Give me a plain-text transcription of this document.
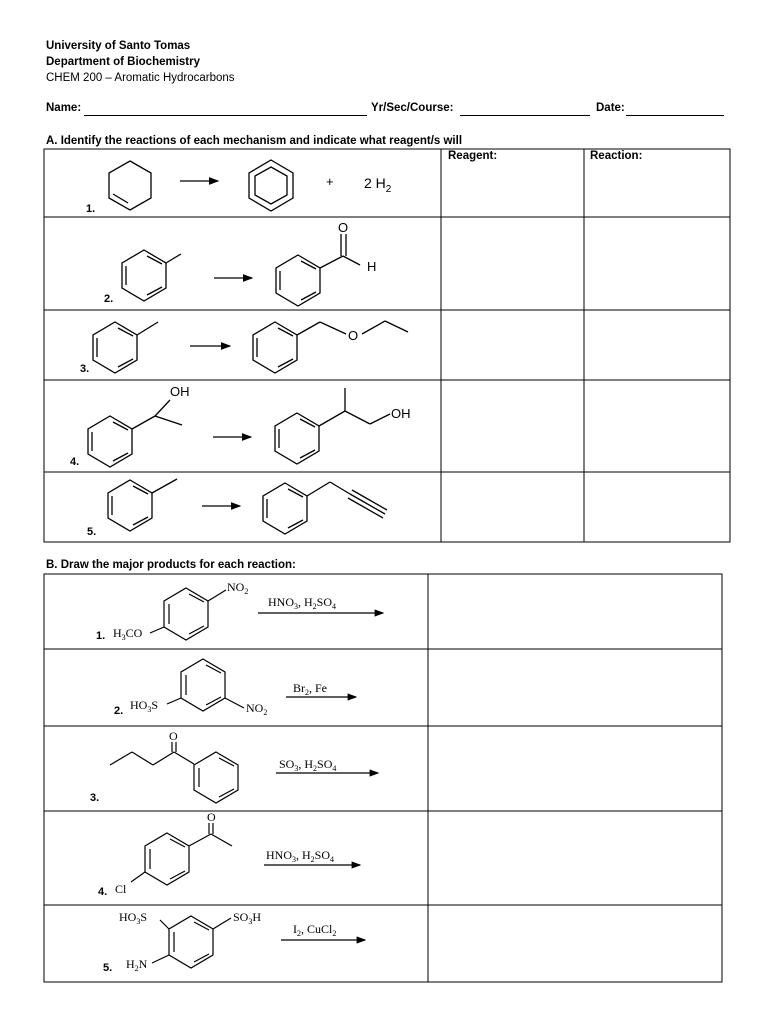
University of Santo Tomas
Department of Biochemistry
CHEM 200 – Aromatic Hydrocarbons
Name:	Yr/Sec/Course:	Date:
A. Identify the reactions of each mechanism and indicate what reagent/s will
Reagent:	Reaction:
B. Draw the major products for each reaction:
+ 2 $H_2$
1.
O
H
2.
O
3.
OH
OH
4.
5.
$NO_2$
$H_3CO$
$HNO_3$, $H_2SO_4$
1.
$HO_3S$	$NO_2$
$Br_2$, Fe
2.
O
$SO_3$, $H_2SO_4$
3.
O
Cl
$HNO_3$, $H_2SO_4$
4.
$HO_3S$	$SO_3H$
$H_2N$
$I_2$, CuCl$_2$
5.
